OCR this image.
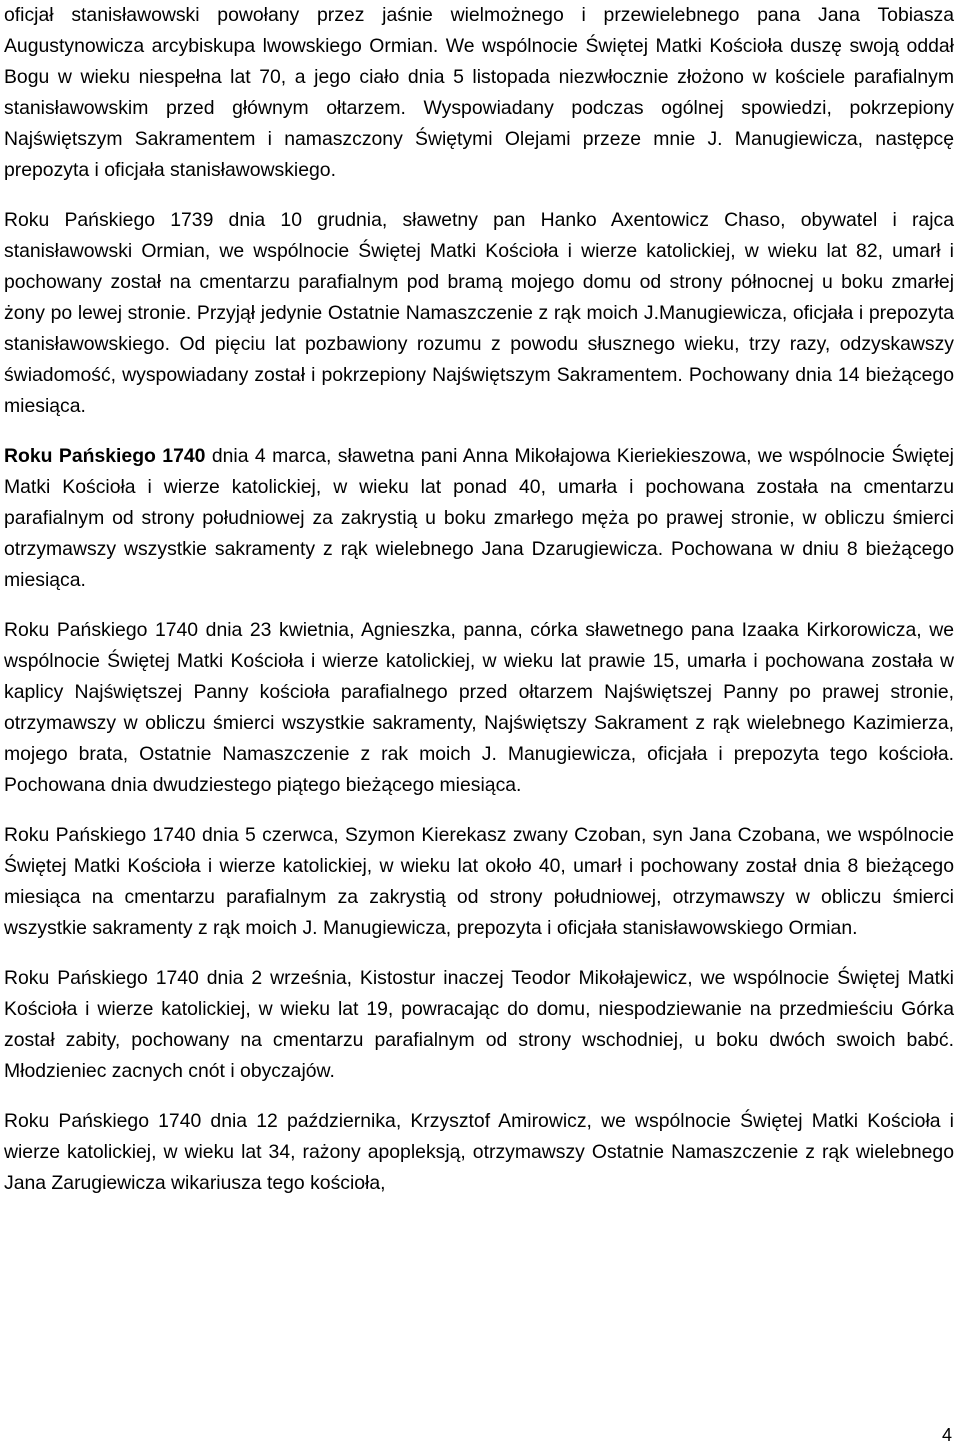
oficjał stanisławowski powołany przez jaśnie wielmożnego i przewielebnego pana Jana Tobiasza Augustynowicza arcybiskupa lwowskiego Ormian. We wspólnocie Świętej Matki Kościoła duszę swoją oddał Bogu w wieku niespełna lat 70, a jego ciało dnia 5 listopada niezwłocznie złożono w kościele parafialnym stanisławowskim przed głównym ołtarzem. Wyspowiadany podczas ogólnej spowiedzi, pokrzepiony Najświętszym Sakramentem i namaszczony Świętymi Olejami przeze mnie J. Manugiewicza, następcę prepozyta i oficjała stanisławowskiego.

Roku Pańskiego 1739 dnia 10 grudnia, sławetny pan Hanko Axentowicz Chaso, obywatel i rajca stanisławowski Ormian, we wspólnocie Świętej Matki Kościoła i wierze katolickiej, w wieku lat 82, umarł i pochowany został na cmentarzu parafialnym pod bramą mojego domu od strony północnej u boku zmarłej żony po lewej stronie. Przyjął jedynie Ostatnie Namaszczenie z rąk moich J.Manugiewicza, oficjała i prepozyta stanisławowskiego. Od pięciu lat pozbawiony rozumu z powodu słusznego wieku, trzy razy, odzyskawszy świadomość, wyspowiadany został i pokrzepiony Najświętszym Sakramentem. Pochowany dnia 14 bieżącego miesiąca.

Roku Pańskiego 1740 dnia 4 marca, sławetna pani Anna Mikołajowa Kieriekieszowa, we wspólnocie Świętej Matki Kościoła i wierze katolickiej, w wieku lat ponad 40, umarła i pochowana została na cmentarzu parafialnym od strony południowej za zakrystią u boku zmarłego męża po prawej stronie, w obliczu śmierci otrzymawszy wszystkie sakramenty z rąk wielebnego Jana Dzarugiewicza. Pochowana w dniu 8 bieżącego miesiąca.

Roku Pańskiego 1740 dnia 23 kwietnia, Agnieszka, panna, córka sławetnego pana Izaaka Kirkorowicza, we wspólnocie Świętej Matki Kościoła i wierze katolickiej, w wieku lat prawie 15, umarła i pochowana została w kaplicy Najświętszej Panny kościoła parafialnego przed ołtarzem Najświętszej Panny po prawej stronie, otrzymawszy w obliczu śmierci wszystkie sakramenty, Najświętszy Sakrament z rąk wielebnego Kazimierza, mojego brata, Ostatnie Namaszczenie z rak moich J. Manugiewicza, oficjała i prepozyta tego kościoła. Pochowana dnia dwudziestego piątego bieżącego miesiąca.

Roku Pańskiego 1740 dnia 5 czerwca, Szymon Kierekasz zwany Czoban, syn Jana Czobana, we wspólnocie Świętej Matki Kościoła i wierze katolickiej, w wieku lat około 40, umarł i pochowany został dnia 8 bieżącego miesiąca na cmentarzu parafialnym za zakrystią od strony południowej, otrzymawszy w obliczu śmierci wszystkie sakramenty z rąk moich J. Manugiewicza, prepozyta i oficjała stanisławowskiego Ormian.

Roku Pańskiego 1740 dnia 2 września, Kistostur inaczej Teodor Mikołajewicz, we wspólnocie Świętej Matki Kościoła i wierze katolickiej, w wieku lat 19, powracając do domu, niespodziewanie na przedmieściu Górka został zabity, pochowany na cmentarzu parafialnym od strony wschodniej, u boku dwóch swoich babć. Młodzieniec zacnych cnót i obyczajów.

Roku Pańskiego 1740 dnia 12 października, Krzysztof Amirowicz, we wspólnocie Świętej Matki Kościoła i wierze katolickiej, w wieku lat 34, rażony apopleksją, otrzymawszy Ostatnie Namaszczenie z rąk wielebnego Jana Zarugiewicza wikariusza tego kościoła,

4
